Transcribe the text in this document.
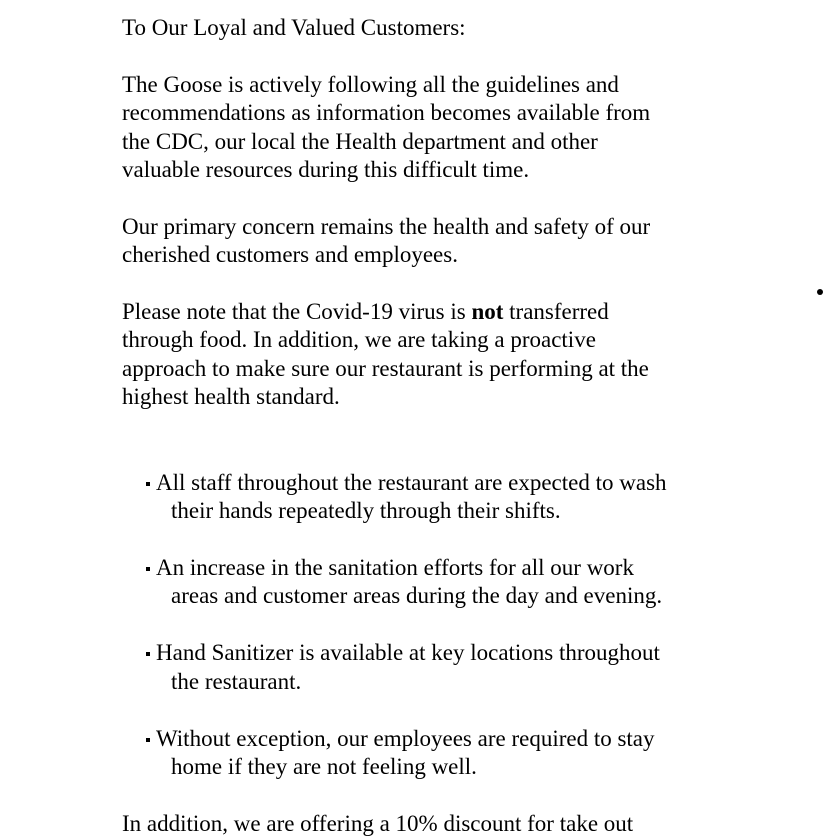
To Our Loyal and Valued Customers:
The Goose is actively following all the guidelines and
recommendations as information becomes available from
the CDC, our local the Health department and other
valuable resources during this difficult time.
Our primary concern remains the health and safety of our
cherished customers and employees.
Please note that the Covid-19 virus is not transferred
through food. In addition, we are taking a proactive
approach to make sure our restaurant is performing at the
highest health standard.
All staff throughout the restaurant are expected to wash
their hands repeatedly through their shifts.
An increase in the sanitation efforts for all our work
areas and customer areas during the day and evening.
Hand Sanitizer is available at key locations throughout
the restaurant.
Without exception, our employees are required to stay
home if they are not feeling well.
In addition, we are offering a 10% discount for take out
